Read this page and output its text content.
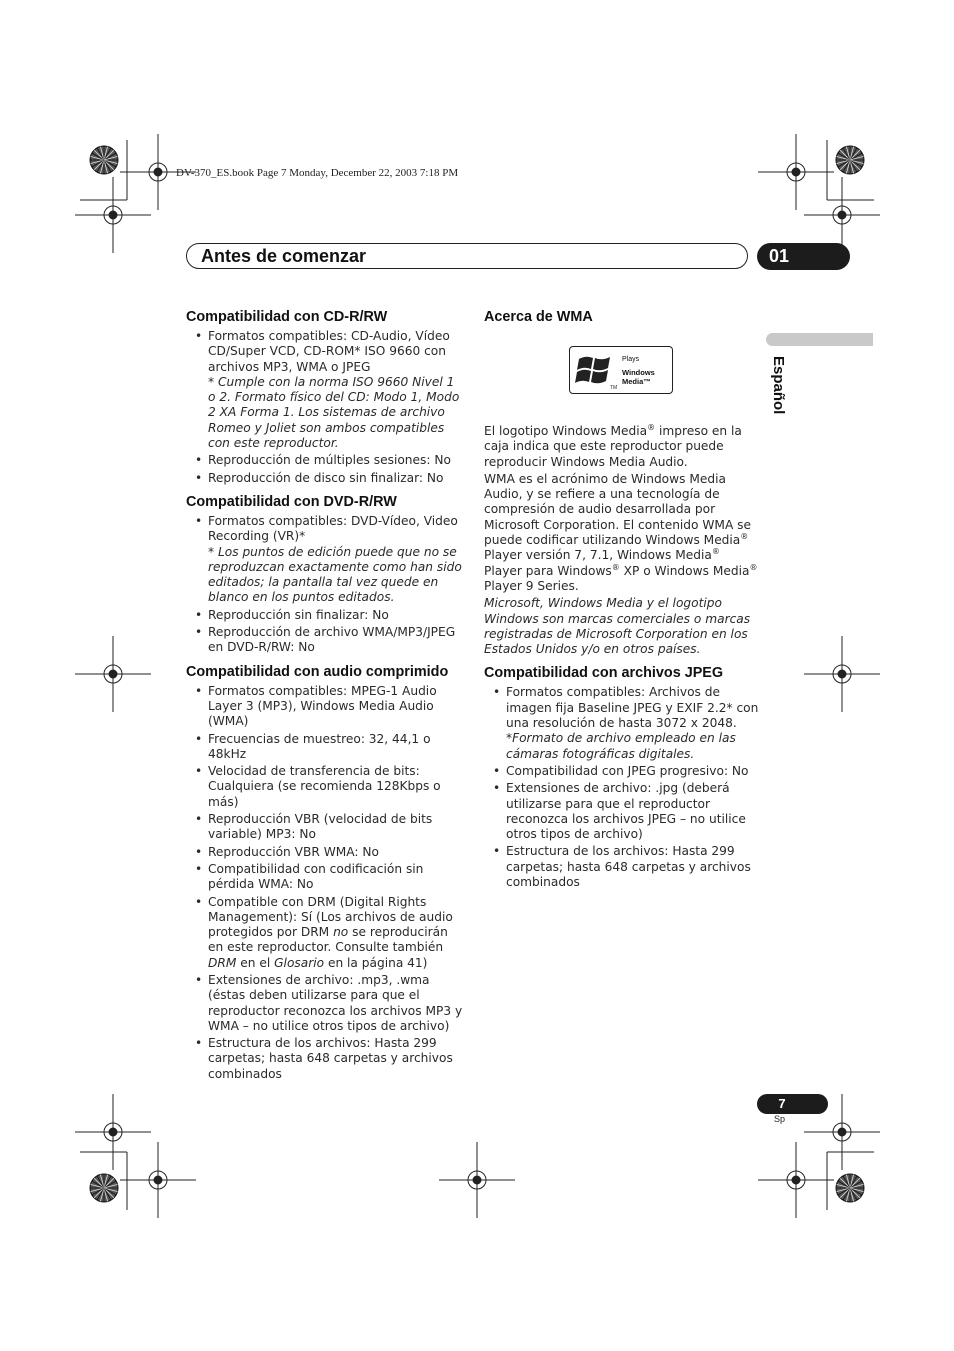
DV-370_ES.book Page 7 Monday, December 22, 2003 7:18 PM
Antes de comenzar	01
Español
Compatibilidad con CD-R/RW
• Formatos compatibles: CD-Audio, Vídeo CD/Super VCD, CD-ROM* ISO 9660 con archivos MP3, WMA o JPEG
* Cumple con la norma ISO 9660 Nivel 1 o 2. Formato físico del CD: Modo 1, Modo 2 XA Forma 1. Los sistemas de archivo Romeo y Joliet son ambos compatibles con este reproductor.
• Reproducción de múltiples sesiones: No
• Reproducción de disco sin finalizar: No
Compatibilidad con DVD-R/RW
• Formatos compatibles: DVD-Vídeo, Video Recording (VR)*
* Los puntos de edición puede que no se reproduzcan exactamente como han sido editados; la pantalla tal vez quede en blanco en los puntos editados.
• Reproducción sin finalizar: No
• Reproducción de archivo WMA/MP3/JPEG en DVD-R/RW: No
Compatibilidad con audio comprimido
• Formatos compatibles: MPEG-1 Audio Layer 3 (MP3), Windows Media Audio (WMA)
• Frecuencias de muestreo: 32, 44,1 o 48kHz
• Velocidad de transferencia de bits: Cualquiera (se recomienda 128Kbps o más)
• Reproducción VBR (velocidad de bits variable) MP3: No
• Reproducción VBR WMA: No
• Compatibilidad con codificación sin pérdida WMA: No
• Compatible con DRM (Digital Rights Management): Sí (Los archivos de audio protegidos por DRM no se reproducirán en este reproductor. Consulte también DRM en el Glosario en la página 41)
• Extensiones de archivo: .mp3, .wma (éstas deben utilizarse para que el reproductor reconozca los archivos MP3 y WMA – no utilice otros tipos de archivo)
• Estructura de los archivos: Hasta 299 carpetas; hasta 648 carpetas y archivos combinados
Acerca de WMA
Plays
Windows
Media™
TM

El logotipo Windows Media® impreso en la caja indica que este reproductor puede reproducir Windows Media Audio.

WMA es el acrónimo de Windows Media Audio, y se refiere a una tecnología de compresión de audio desarrollada por Microsoft Corporation. El contenido WMA se puede codificar utilizando Windows Media® Player versión 7, 7.1, Windows Media® Player para Windows® XP o Windows Media® Player 9 Series.

Microsoft, Windows Media y el logotipo Windows son marcas comerciales o marcas registradas de Microsoft Corporation en los Estados Unidos y/o en otros países.

Compatibilidad con archivos JPEG
• Formatos compatibles: Archivos de imagen fija Baseline JPEG y EXIF 2.2* con una resolución de hasta 3072 x 2048.
*Formato de archivo empleado en las cámaras fotográficas digitales.
• Compatibilidad con JPEG progresivo: No
• Extensiones de archivo: .jpg (deberá utilizarse para que el reproductor reconozca los archivos JPEG – no utilice otros tipos de archivo)
• Estructura de los archivos: Hasta 299 carpetas; hasta 648 carpetas y archivos combinados
7
Sp
